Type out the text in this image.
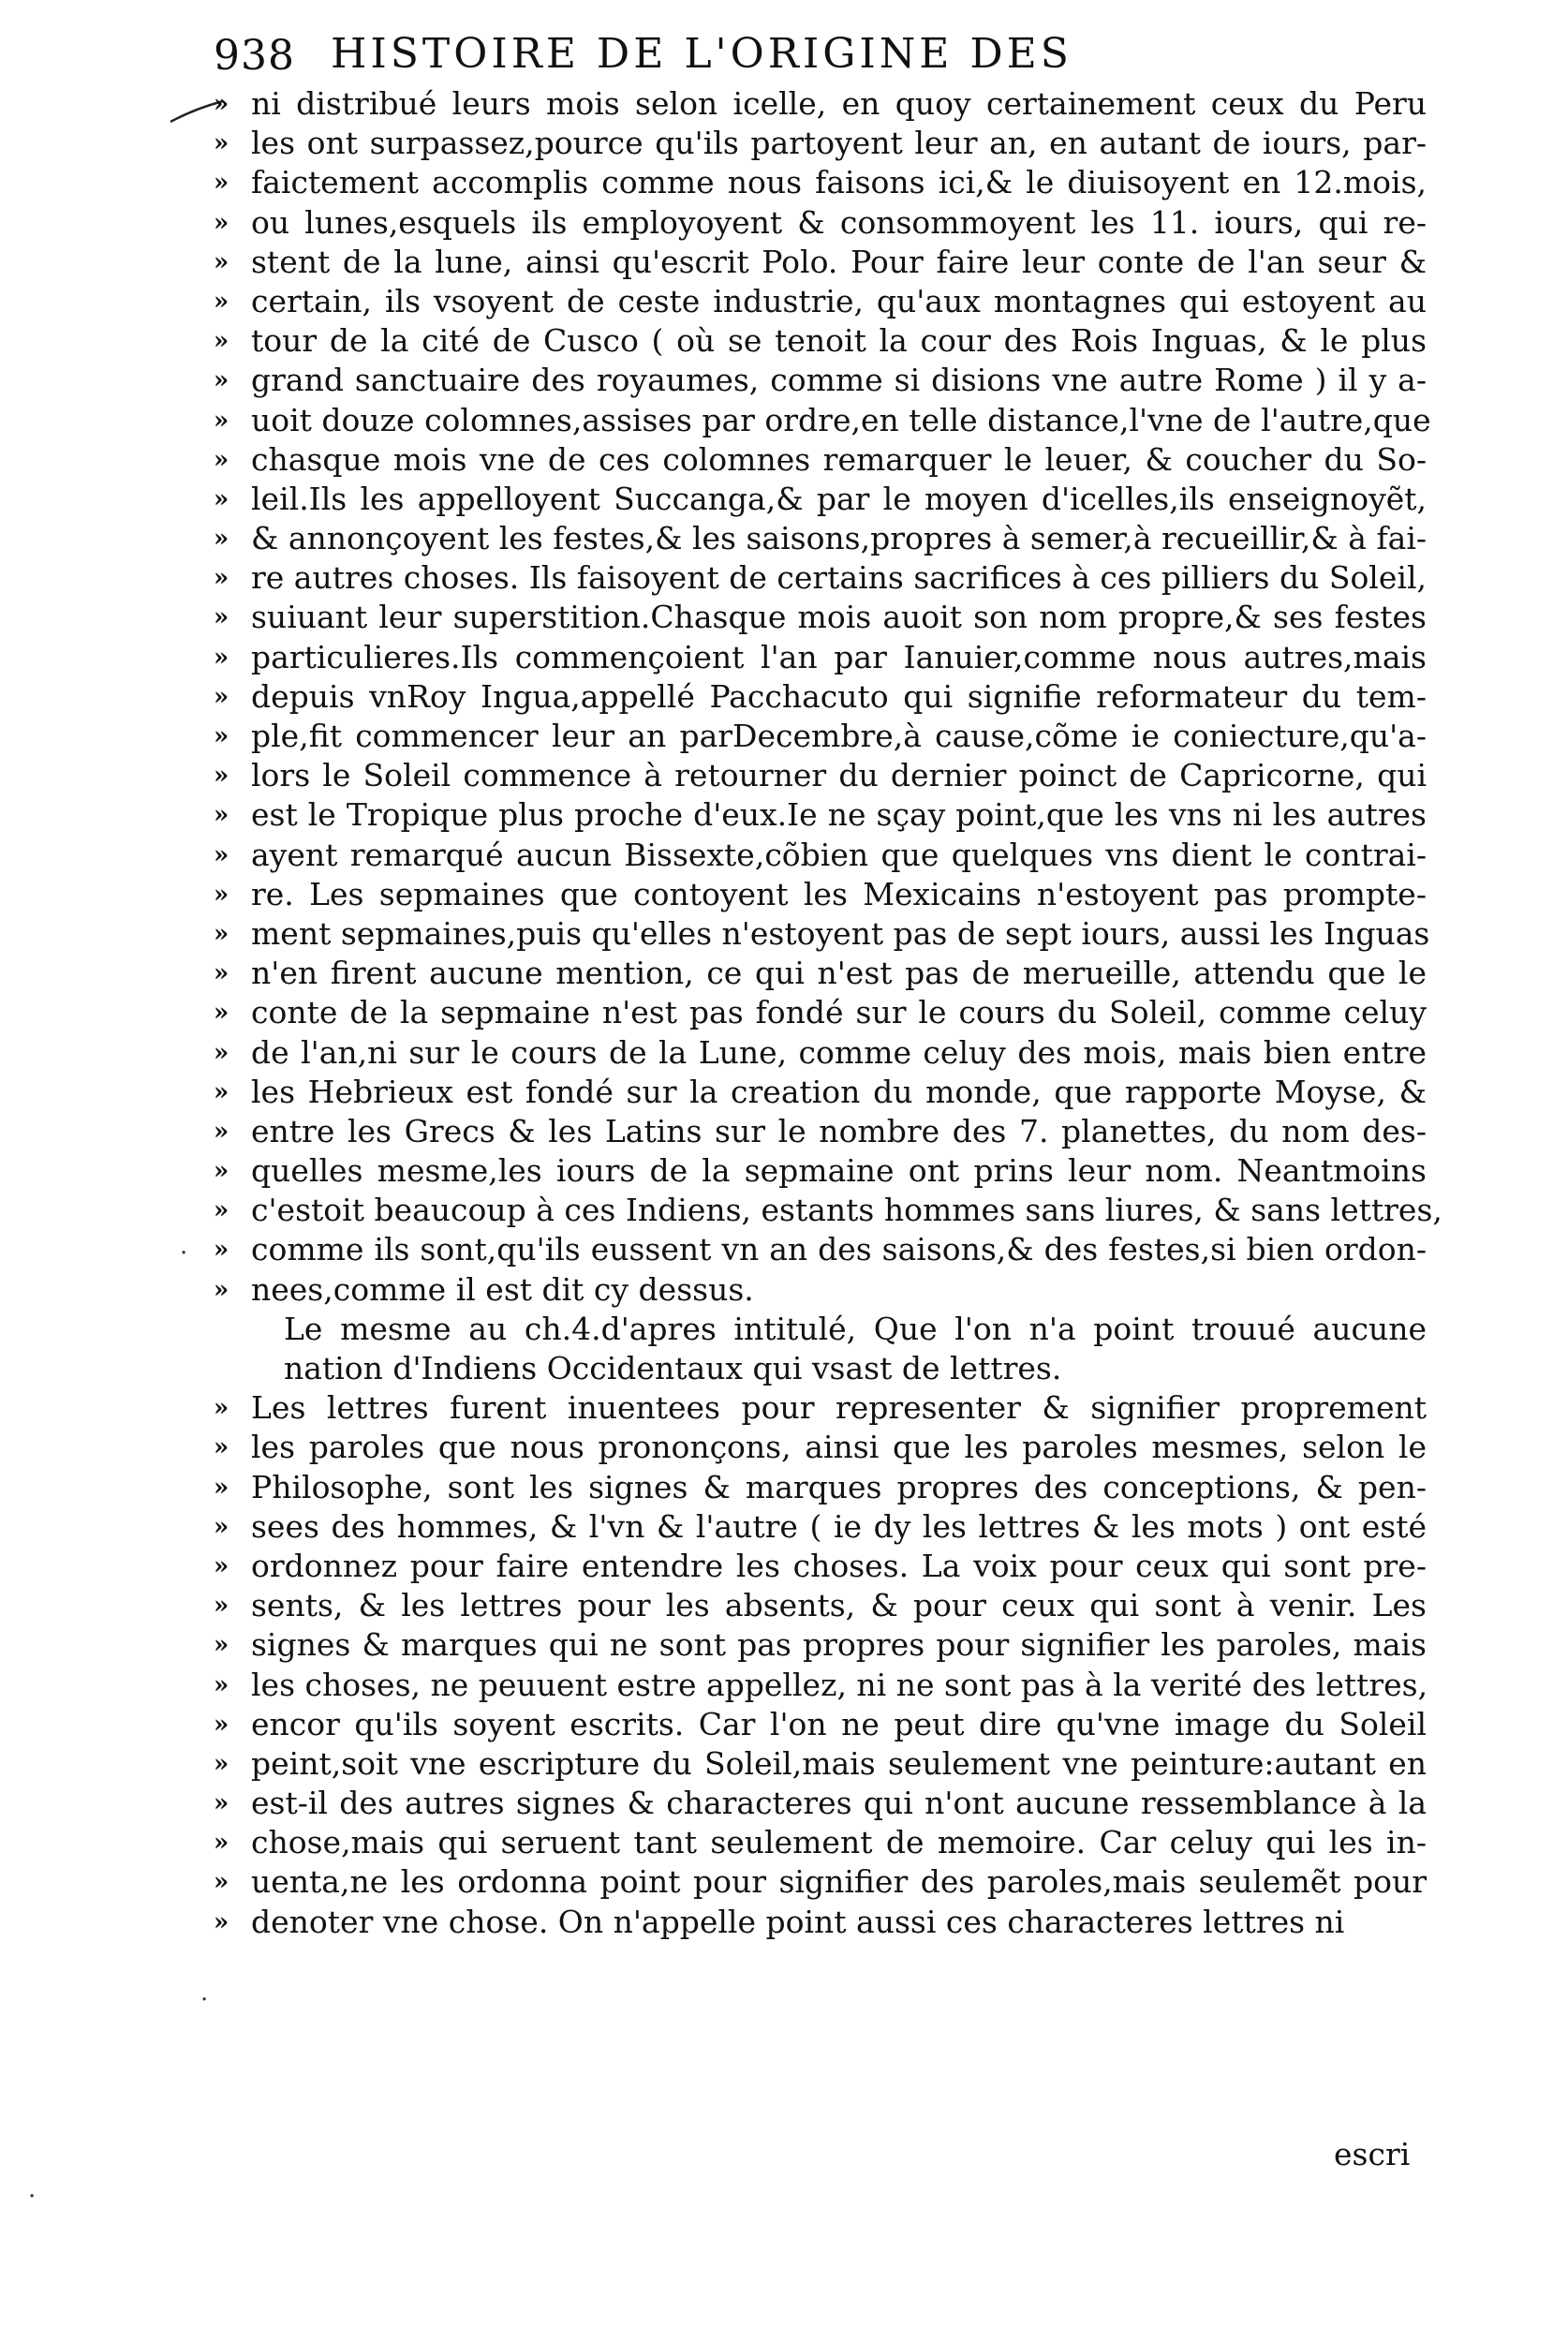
938 HISTOIRE DE L'ORIGINE DES
» ni distribué leurs mois selon icelle, en quoy certainement ceux du Peru
» les ont surpassez,pource qu'ils partoyent leur an, en autant de iours, par-
» faictement accomplis comme nous faisons ici,& le diuisoyent en 12.mois,
» ou lunes,esquels ils employoyent & consommoyent les 11. iours, qui re-
» stent de la lune, ainsi qu'escrit Polo. Pour faire leur conte de l'an seur &
» certain, ils vsoyent de ceste industrie, qu'aux montagnes qui estoyent au
» tour de la cité de Cusco ( où se tenoit la cour des Rois Inguas, & le plus
» grand sanctuaire des royaumes, comme si disions vne autre Rome ) il y a-
» uoit douze colomnes,assises par ordre,en telle distance,l'vne de l'autre,que
» chasque mois vne de ces colomnes remarquer le leuer, & coucher du So-
» leil.Ils les appelloyent Succanga,& par le moyen d'icelles,ils enseignoyẽt,
» & annonçoyent les festes,& les saisons,propres à semer,à recueillir,& à fai-
» re autres choses. Ils faisoyent de certains sacrifices à ces pilliers du Soleil,
» suiuant leur superstition.Chasque mois auoit son nom propre,& ses festes
» particulieres.Ils commençoient l'an par Ianuier,comme nous autres,mais
» depuis vnRoy Ingua,appellé Pacchacuto qui signifie reformateur du tem-
» ple,fit commencer leur an parDecembre,à cause,cõme ie coniecture,qu'a-
» lors le Soleil commence à retourner du dernier poinct de Capricorne, qui
» est le Tropique plus proche d'eux.Ie ne sçay point,que les vns ni les autres
» ayent remarqué aucun Bissexte,cõbien que quelques vns dient le contrai-
» re. Les sepmaines que contoyent les Mexicains n'estoyent pas prompte-
» ment sepmaines,puis qu'elles n'estoyent pas de sept iours, aussi les Inguas
» n'en firent aucune mention, ce qui n'est pas de merueille, attendu que le
» conte de la sepmaine n'est pas fondé sur le cours du Soleil, comme celuy
» de l'an,ni sur le cours de la Lune, comme celuy des mois, mais bien entre
» les Hebrieux est fondé sur la creation du monde, que rapporte Moyse, &
» entre les Grecs & les Latins sur le nombre des 7. planettes, du nom des-
» quelles mesme,les iours de la sepmaine ont prins leur nom. Neantmoins
» c'estoit beaucoup à ces Indiens, estants hommes sans liures, & sans lettres,
» comme ils sont,qu'ils eussent vn an des saisons,& des festes,si bien ordon-
» nees,comme il est dit cy dessus.
Le mesme au ch.4.d'apres intitulé, Que l'on n'a point trouué aucune
nation d'Indiens Occidentaux qui vsast de lettres.
» Les lettres furent inuentees pour representer & signifier proprement
» les paroles que nous prononçons, ainsi que les paroles mesmes, selon le
» Philosophe, sont les signes & marques propres des conceptions, & pen-
» sees des hommes, & l'vn & l'autre ( ie dy les lettres & les mots ) ont esté
» ordonnez pour faire entendre les choses. La voix pour ceux qui sont pre-
» sents, & les lettres pour les absents, & pour ceux qui sont à venir. Les
» signes & marques qui ne sont pas propres pour signifier les paroles, mais
» les choses, ne peuuent estre appellez, ni ne sont pas à la verité des lettres,
» encor qu'ils soyent escrits. Car l'on ne peut dire qu'vne image du Soleil
» peint,soit vne escripture du Soleil,mais seulement vne peinture:autant en
» est-il des autres signes & characteres qui n'ont aucune ressemblance à la
» chose,mais qui seruent tant seulement de memoire. Car celuy qui les in-
» uenta,ne les ordonna point pour signifier des paroles,mais seulemẽt pour
» denoter vne chose. On n'appelle point aussi ces characteres lettres ni
escri
·
·
·
